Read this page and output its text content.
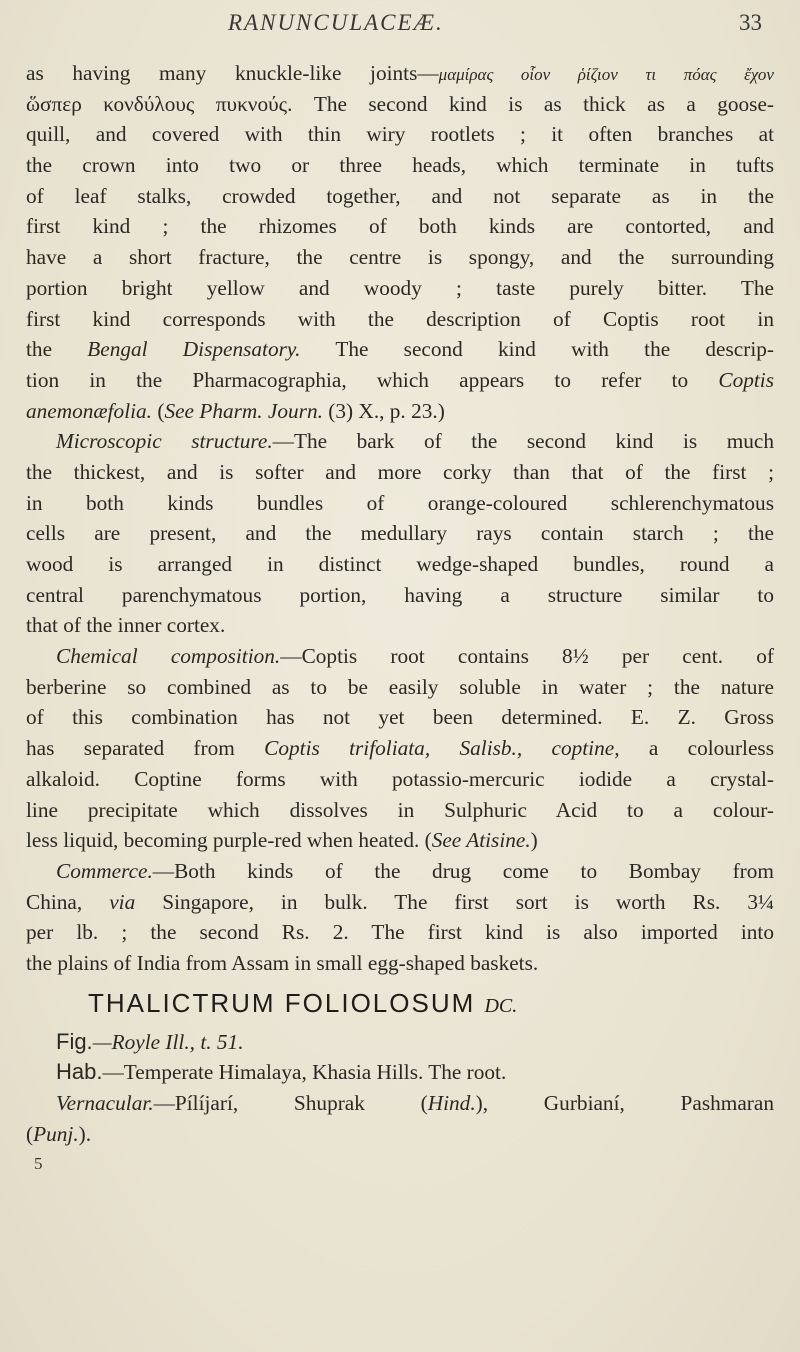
RANUNCULACEÆ.	33
as having many knuckle-like joints—μαμίρας οἷον ῥίζιον τι πόας ἔχον
ὥσπερ κονδύλους πυκνούς. The second kind is as thick as a goose-
quill, and covered with thin wiry rootlets ; it often branches at
the crown into two or three heads, which terminate in tufts
of leaf stalks, crowded together, and not separate as in the
first kind ; the rhizomes of both kinds are contorted, and
have a short fracture, the centre is spongy, and the surrounding
portion bright yellow and woody ; taste purely bitter. The
first kind corresponds with the description of Coptis root in
the Bengal Dispensatory. The second kind with the descrip-
tion in the Pharmacographia, which appears to refer to Coptis
anemonæfolia. (See Pharm. Journ. (3) X., p. 23.)
Microscopic structure.—The bark of the second kind is much
the thickest, and is softer and more corky than that of the first ;
in both kinds bundles of orange-coloured schlerenchymatous
cells are present, and the medullary rays contain starch ; the
wood is arranged in distinct wedge-shaped bundles, round a
central parenchymatous portion, having a structure similar to
that of the inner cortex.
Chemical composition.—Coptis root contains 8½ per cent. of
berberine so combined as to be easily soluble in water ; the nature
of this combination has not yet been determined. E. Z. Gross
has separated from Coptis trifoliata, Salisb., coptine, a colourless
alkaloid. Coptine forms with potassio-mercuric iodide a crystal-
line precipitate which dissolves in Sulphuric Acid to a colour-
less liquid, becoming purple-red when heated. (See Atisine.)
Commerce.—Both kinds of the drug come to Bombay from
China, via Singapore, in bulk. The first sort is worth Rs. 3¼
per lb. ; the second Rs. 2. The first kind is also imported into
the plains of India from Assam in small egg-shaped baskets.
THALICTRUM FOLIOLOSUM DC.
Fig.—Royle Ill., t. 51.
Hab.—Temperate Himalaya, Khasia Hills. The root.
Vernacular.—Pílíjarí, Shuprak (Hind.), Gurbianí, Pashmaran
(Punj.).
5
